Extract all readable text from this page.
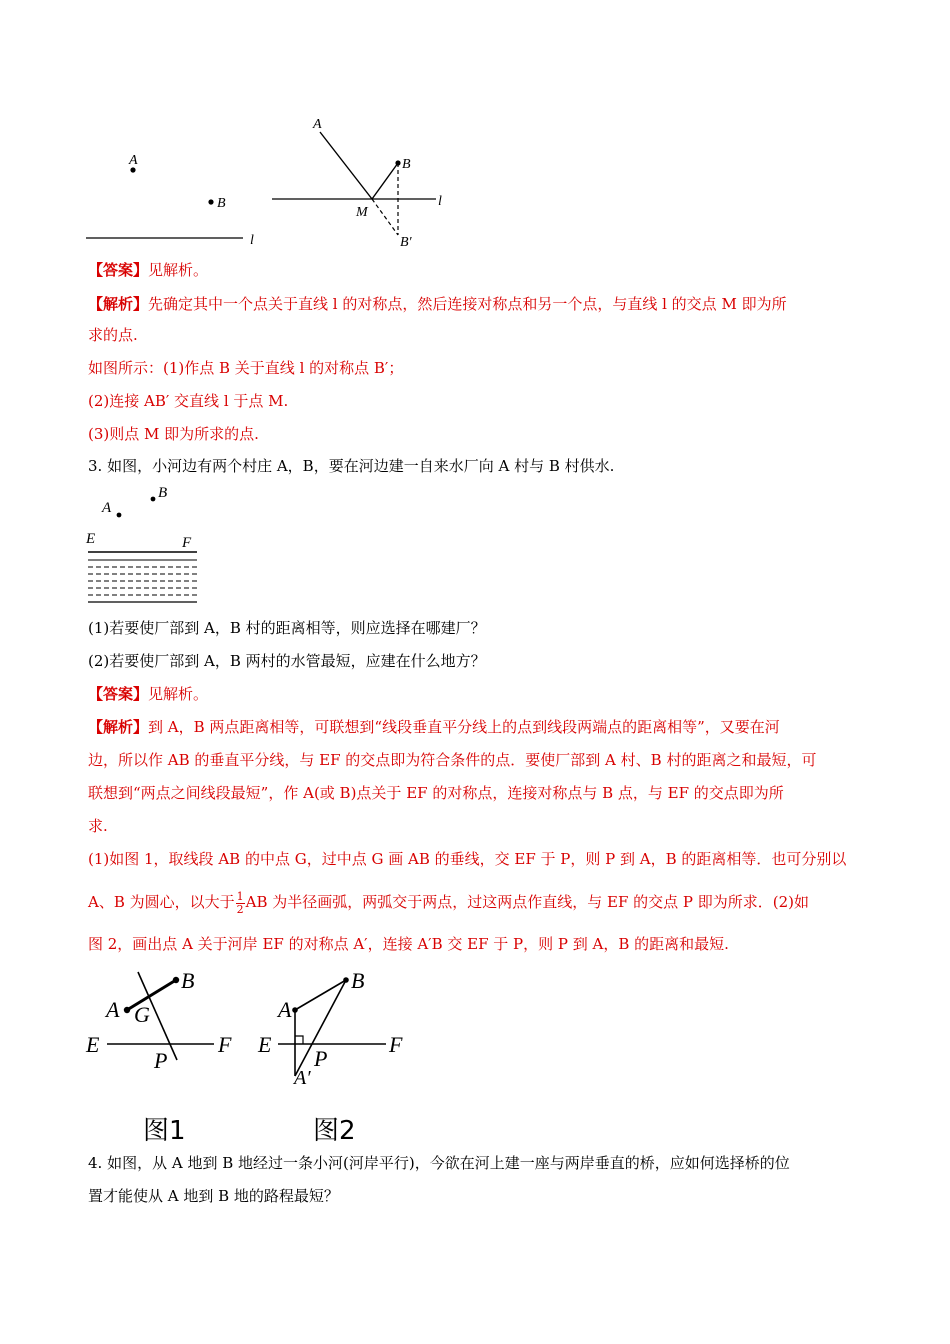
A
B
l
A
B
l
M
B′
【答案】见解析。
【解析】先确定其中一个点关于直线 l 的对称点，然后连接对称点和另一个点，与直线 l 的交点 M 即为所
求的点.
如图所示：(1)作点 B 关于直线 l 的对称点 B′；
(2)连接 AB′ 交直线 l 于点 M.
(3)则点 M 即为所求的点.
3. 如图，小河边有两个村庄 A，B，要在河边建一自来水厂向 A 村与 B 村供水.
A
B
E	F
(1)若要使厂部到 A，B 村的距离相等，则应选择在哪建厂？
(2)若要使厂部到 A，B 两村的水管最短，应建在什么地方？
【答案】见解析。
【解析】到 A，B 两点距离相等，可联想到“线段垂直平分线上的点到线段两端点的距离相等”，又要在河
边，所以作 AB 的垂直平分线，与 EF 的交点即为符合条件的点．要使厂部到 A 村、B 村的距离之和最短，可
联想到“两点之间线段最短”，作 A(或 B)点关于 EF 的对称点，连接对称点与 B 点，与 EF 的交点即为所
求.
(1)如图 1，取线段 AB 的中点 G，过中点 G 画 AB 的垂线，交 EF 于 P，则 P 到 A，B 的距离相等．也可分别以
A、B 为圆心，以大于 $\frac{1}{2}$ AB 为半径画弧，两弧交于两点，过这两点作直线，与 EF 的交点 P 即为所求．(2)如
图 2，画出点 A 关于河岸 EF 的对称点 A′，连接 A′B 交 EF 于 P，则 P 到 A，B 的距离和最短.
A
B
G
E	F
P
图1
A
B
E	F
P
A′
图2
4. 如图，从 A 地到 B 地经过一条小河(河岸平行)，今欲在河上建一座与两岸垂直的桥，应如何选择桥的位
置才能使从 A 地到 B 地的路程最短？
